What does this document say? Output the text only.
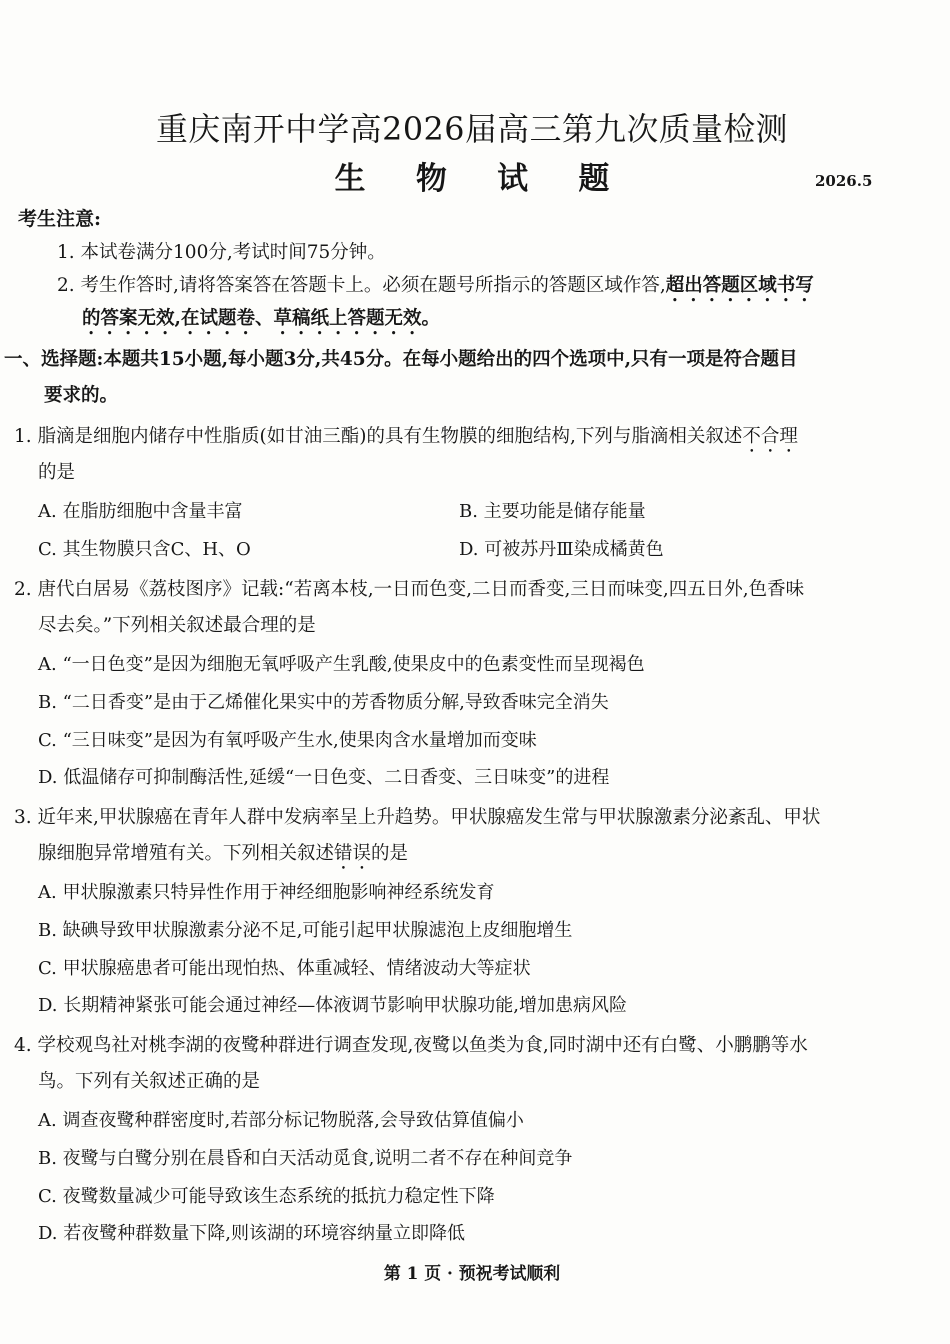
重庆南开中学高2026届高三第九次质量检测
生 物 试 题	2026.5
考生注意:
1. 本试卷满分100分,考试时间75分钟。
2. 考生作答时,请将答案答在答题卡上。必须在题号所指示的答题区域作答,超出答题区域书写
的答案无效,在试题卷、草稿纸上答题无效。
一、选择题:本题共15小题,每小题3分,共45分。在每小题给出的四个选项中,只有一项是符合题目
要求的。
1. 脂滴是细胞内储存中性脂质(如甘油三酯)的具有生物膜的细胞结构,下列与脂滴相关叙述不合理
的是
A. 在脂肪细胞中含量丰富	B. 主要功能是储存能量
C. 其生物膜只含C、H、O	D. 可被苏丹Ⅲ染成橘黄色
2. 唐代白居易《荔枝图序》记载:“若离本枝,一日而色变,二日而香变,三日而味变,四五日外,色香味
尽去矣。”下列相关叙述最合理的是
A. “一日色变”是因为细胞无氧呼吸产生乳酸,使果皮中的色素变性而呈现褐色
B. “二日香变”是由于乙烯催化果实中的芳香物质分解,导致香味完全消失
C. “三日味变”是因为有氧呼吸产生水,使果肉含水量增加而变味
D. 低温储存可抑制酶活性,延缓“一日色变、二日香变、三日味变”的进程
3. 近年来,甲状腺癌在青年人群中发病率呈上升趋势。甲状腺癌发生常与甲状腺激素分泌紊乱、甲状
腺细胞异常增殖有关。下列相关叙述错误的是
A. 甲状腺激素只特异性作用于神经细胞影响神经系统发育
B. 缺碘导致甲状腺激素分泌不足,可能引起甲状腺滤泡上皮细胞增生
C. 甲状腺癌患者可能出现怕热、体重减轻、情绪波动大等症状
D. 长期精神紧张可能会通过神经—体液调节影响甲状腺功能,增加患病风险
4. 学校观鸟社对桃李湖的夜鹭种群进行调查发现,夜鹭以鱼类为食,同时湖中还有白鹭、小鹏鹏等水
鸟。下列有关叙述正确的是
A. 调查夜鹭种群密度时,若部分标记物脱落,会导致估算值偏小
B. 夜鹭与白鹭分别在晨昏和白天活动觅食,说明二者不存在种间竞争
C. 夜鹭数量减少可能导致该生态系统的抵抗力稳定性下降
D. 若夜鹭种群数量下降,则该湖的环境容纳量立即降低
第 1 页 · 预祝考试顺利
